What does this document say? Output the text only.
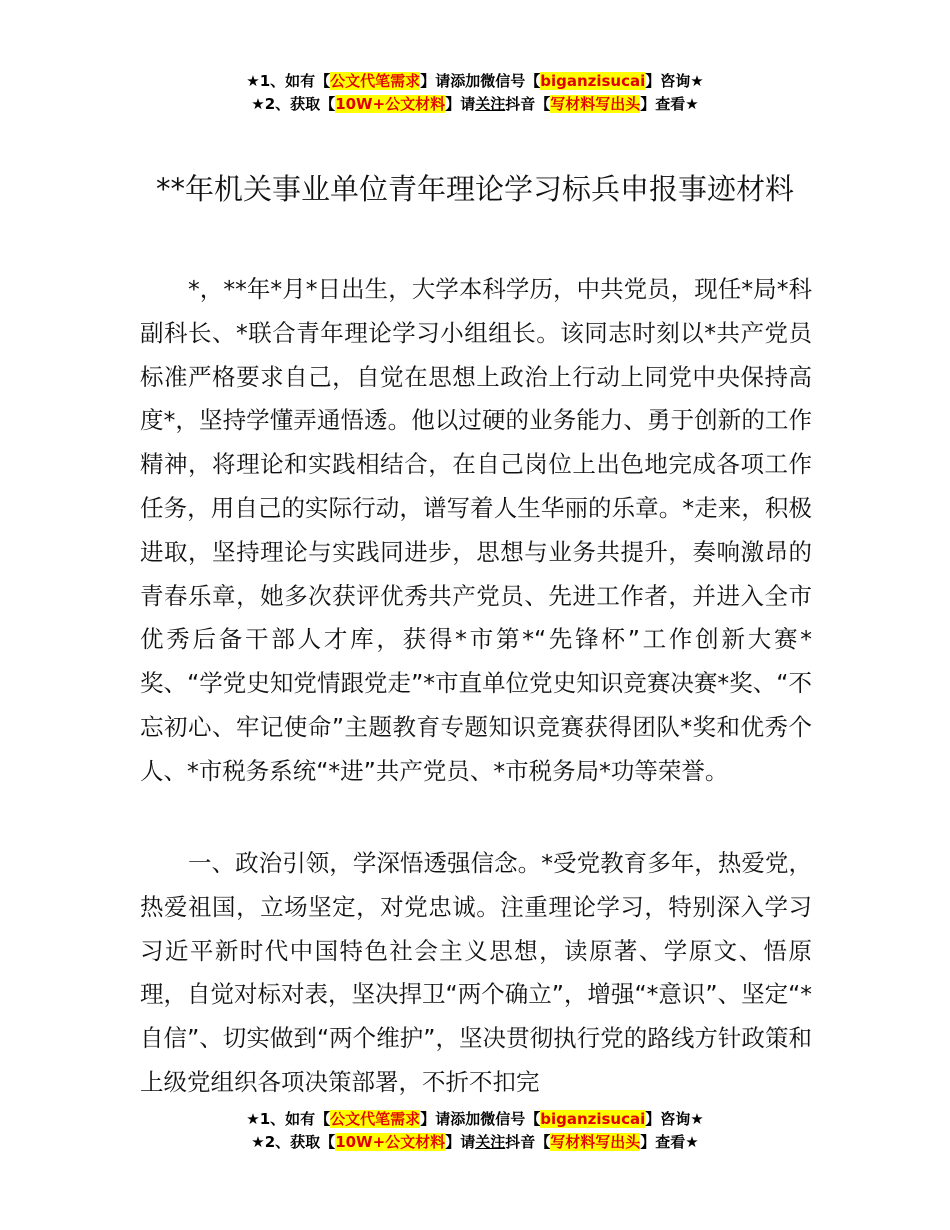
★1、如有【公文代笔需求】请添加微信号【biganzisucai】咨询★
★2、获取【10W+公文材料】请关注抖音【写材料写出头】查看★
**年机关事业单位青年理论学习标兵申报事迹材料

*，**年*月*日出生，大学本科学历，中共党员，现任*局*科副科长、*联合青年理论学习小组组长。该同志时刻以*共产党员标准严格要求自己，自觉在思想上政治上行动上同党中央保持高度*，坚持学懂弄通悟透。他以过硬的业务能力、勇于创新的工作精神，将理论和实践相结合，在自己岗位上出色地完成各项工作任务，用自己的实际行动，谱写着人生华丽的乐章。*走来，积极进取，坚持理论与实践同进步，思想与业务共提升，奏响激昂的青春乐章，她多次获评优秀共产党员、先进工作者，并进入全市优秀后备干部人才库，获得*市第*“先锋杯”工作创新大赛*奖、“学党史知党情跟党走”*市直单位党史知识竞赛决赛*奖、“不忘初心、牢记使命”主题教育专题知识竞赛获得团队*奖和优秀个人、*市税务系统“*进”共产党员、*市税务局*功等荣誉。

一、政治引领，学深悟透强信念。*受党教育多年，热爱党，热爱祖国，立场坚定，对党忠诚。注重理论学习，特别深入学习习近平新时代中国特色社会主义思想，读原著、学原文、悟原理，自觉对标对表，坚决捍卫“两个确立”，增强“*意识”、坚定“*自信”、切实做到“两个维护”，坚决贯彻执行党的路线方针政策和上级党组织各项决策部署，不折不扣完

★1、如有【公文代笔需求】请添加微信号【biganzisucai】咨询★
★2、获取【10W+公文材料】请关注抖音【写材料写出头】查看★
